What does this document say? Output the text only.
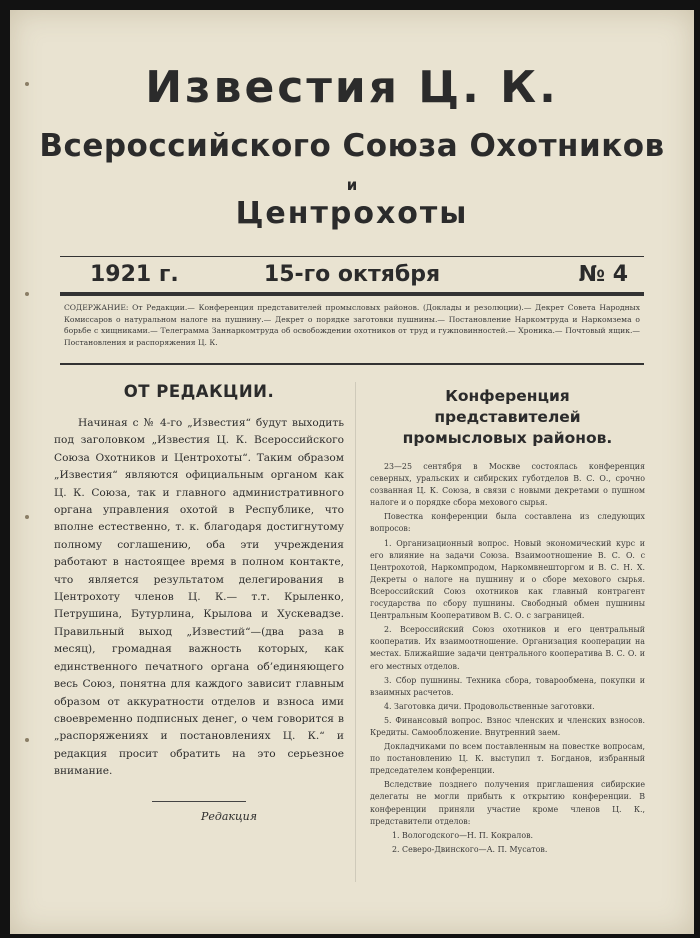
Известия Ц. К.
Всероссийского Союза Охотников
и
Центрохоты
1921 г.	15-го октября	№ 4
СОДЕРЖАНИЕ: От Редакции.— Конференция представителей промысловых районов. (Доклады и резолюции).— Декрет Совета Народных Комиссаров о натуральном налоге на пушнину.— Декрет о порядке заготовки пушнины.— Постановление Наркомтруда и Наркомзема о борьбе с хищниками.— Телеграмма Заннаркомтруда об освобождении охотников от труд и гужповинностей.— Хроника.— Почтовый ящик.— Постановления и распоряжения Ц. К.
ОТ РЕДАКЦИИ.

Начиная с № 4-го „Известия“ будут выходить под заголовком „Известия Ц. К. Всероссийского Союза Охотников и Центрохоты“. Таким образом „Известия“ являются официальным органом как Ц. К. Союза, так и главного административного органа управления охотой в Республике, что вполне естественно, т. к. благодаря достигнутому полному соглашению, оба эти учреждения работают в настоящее время в полном контакте, что является результатом делегирования в Центрохоту членов Ц. К.— т.т. Крыленко, Петрушина, Бутурлина, Крылова и Хускевадзе. Правильный выход „Известий“—(два раза в месяц), громадная важность которых, как единственного печатного органа об’единяющего весь Союз, понятна для каждого зависит главным образом от аккуратности отделов и взноса ими своевременно подписных денег, о чем говорится в „распоряжениях и постановлениях Ц. К.“ и редакция просит обратить на это серьезное внимание.

Редакция
Конференция представителей промысловых районов.

23—25 сентября в Москве состоялась конференция северных, уральских и сибирских губотделов В. С. О., срочно созванная Ц. К. Союза, в связи с новыми декретами о пушном налоге и о порядке сбора мехового сырья.

Повестка конференции была составлена из следующих вопросов:

1. Организационный вопрос. Новый экономический курс и его влияние на задачи Союза. Взаимоотношение В. С. О. с Центрохотой, Наркомпродом, Наркомвнешторгом и В. С. Н. Х. Декреты о налоге на пушнину и о сборе мехового сырья. Всероссийский Союз охотников как главный контрагент государства по сбору пушнины. Свободный обмен пушнины Центральным Кооперативом В. С. О. с заграницей.

2. Всероссийский Союз охотников и его центральный кооператив. Их взаимоотношение. Организация кооперации на местах. Ближайшие задачи центрального кооператива В. С. О. и его местных отделов.

3. Сбор пушнины. Техника сбора, товарообмена, покупки и взаимных расчетов.

4. Заготовка дичи. Продовольственные заготовки.

5. Финансовый вопрос. Взнос членских и членских взносов. Кредиты. Самообложение. Внутренний заем.

Докладчиками по всем поставленным на повестке вопросам, по постановлению Ц. К. выступил т. Богданов, избранный председателем конференции.

Вследствие позднего получения приглашения сибирские делегаты не могли прибыть к открытию конференции. В конференции приняли участие кроме членов Ц. К., представители отделов:

1. Вологодского—Н. П. Кокралов.

2. Северо-Двинского—А. П. Мусатов.
